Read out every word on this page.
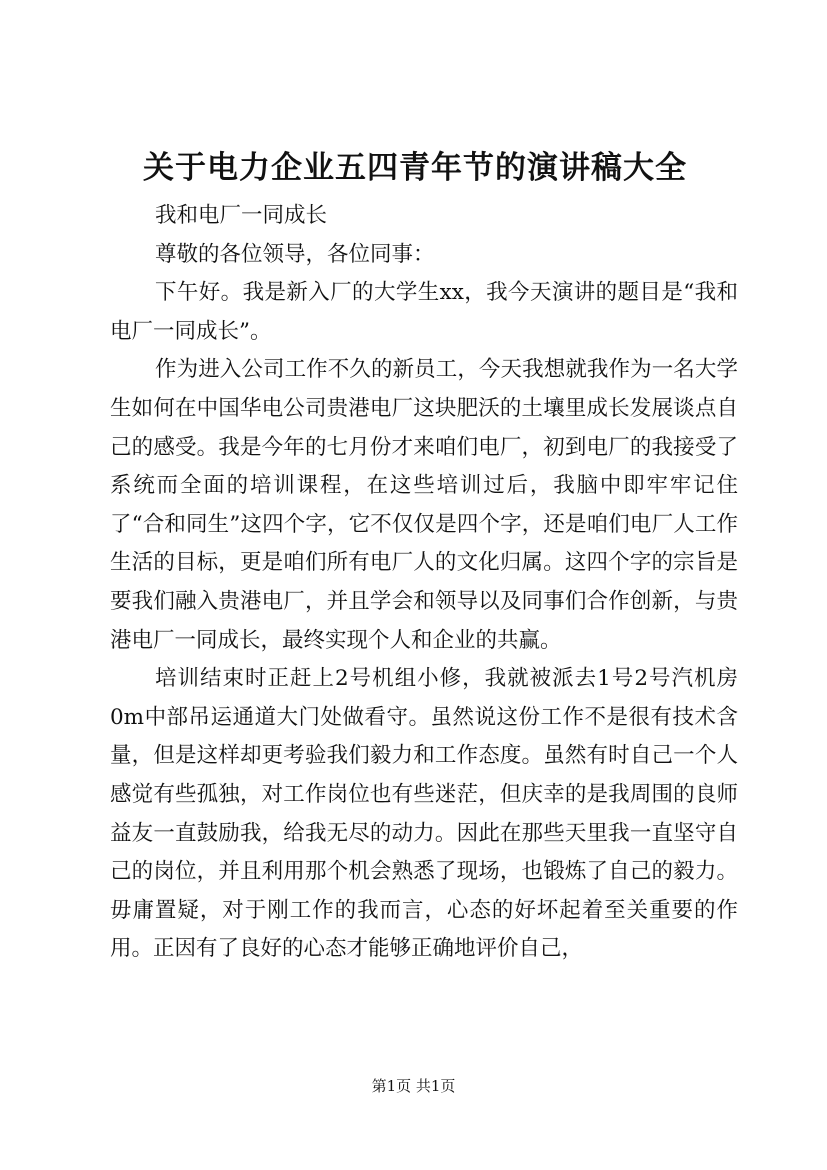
关于电力企业五四青年节的演讲稿大全

我和电厂一同成长

尊敬的各位领导，各位同事：

下午好。我是新入厂的大学生xx，我今天演讲的题目是“我和电厂一同成长”。

作为进入公司工作不久的新员工，今天我想就我作为一名大学生如何在中国华电公司贵港电厂这块肥沃的土壤里成长发展谈点自己的感受。我是今年的七月份才来咱们电厂，初到电厂的我接受了系统而全面的培训课程，在这些培训过后，我脑中即牢牢记住了“合和同生”这四个字，它不仅仅是四个字，还是咱们电厂人工作生活的目标，更是咱们所有电厂人的文化归属。这四个字的宗旨是要我们融入贵港电厂，并且学会和领导以及同事们合作创新，与贵港电厂一同成长，最终实现个人和企业的共赢。

培训结束时正赶上2号机组小修，我就被派去1号2号汽机房0m中部吊运通道大门处做看守。虽然说这份工作不是很有技术含量，但是这样却更考验我们毅力和工作态度。虽然有时自己一个人感觉有些孤独，对工作岗位也有些迷茫，但庆幸的是我周围的良师益友一直鼓励我，给我无尽的动力。因此在那些天里我一直坚守自己的岗位，并且利用那个机会熟悉了现场，也锻炼了自己的毅力。毋庸置疑，对于刚工作的我而言，心态的好坏起着至关重要的作用。正因有了良好的心态才能够正确地评价自己，

第1页 共1页
